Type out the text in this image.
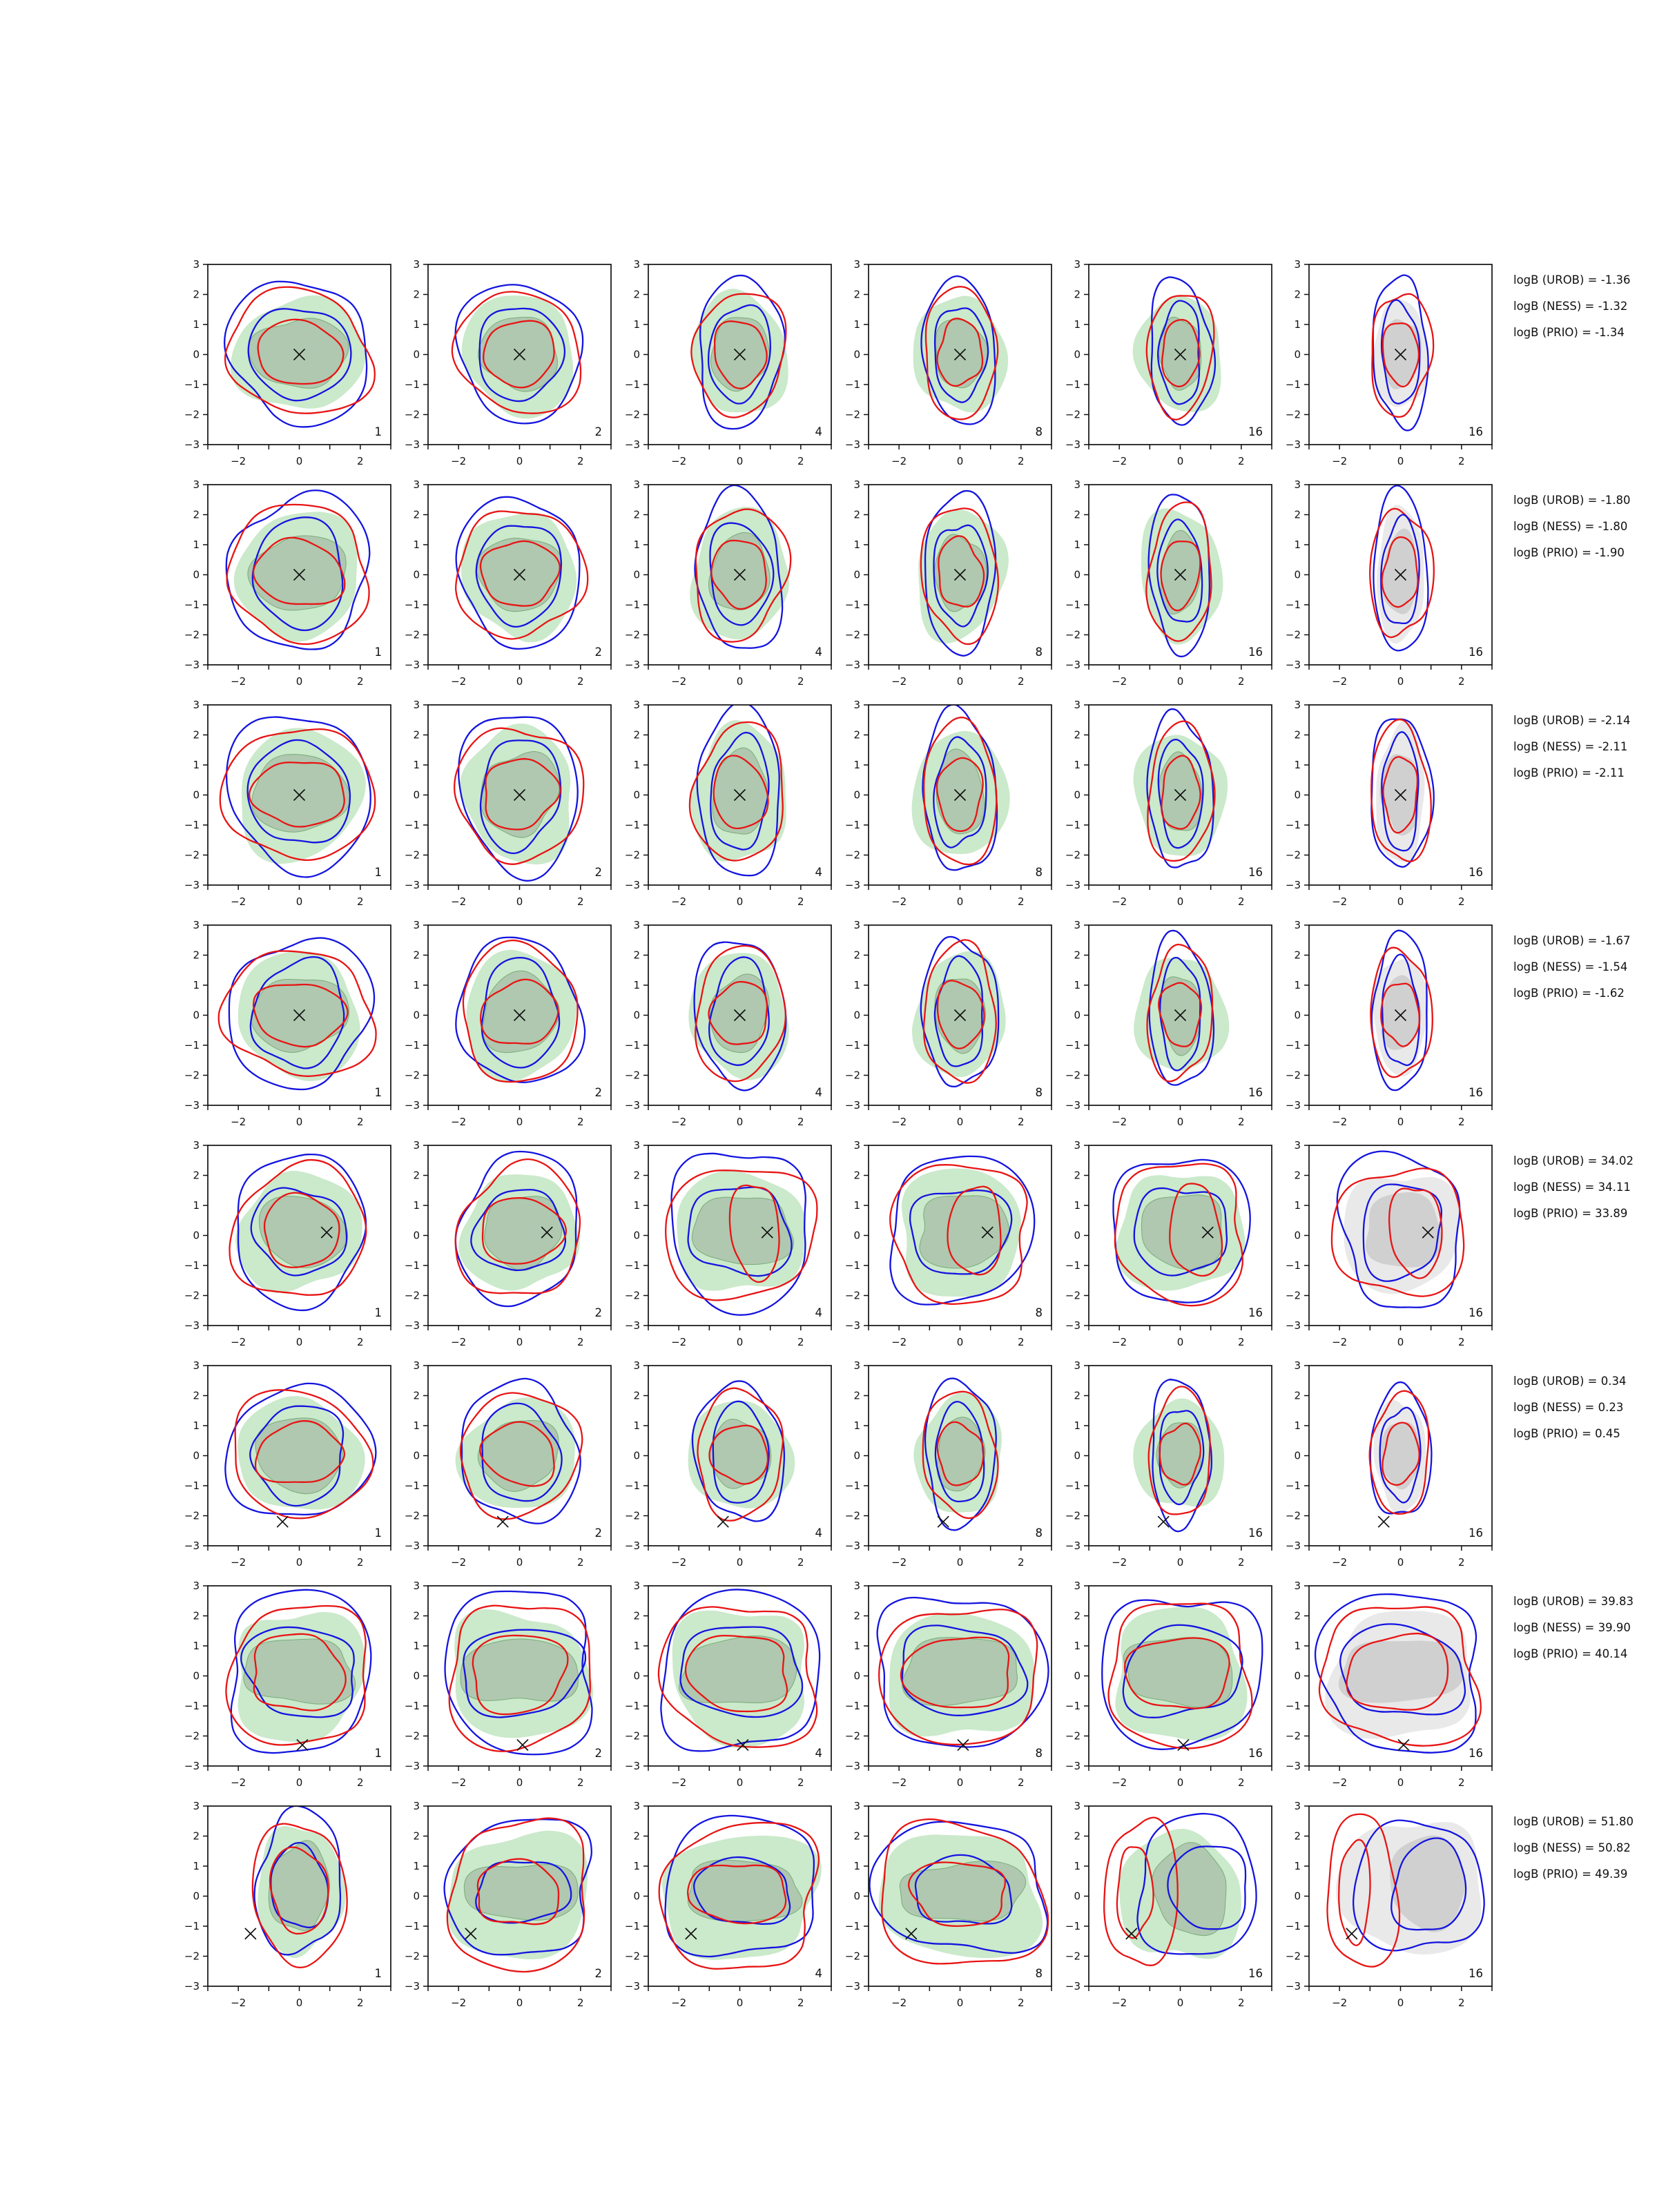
−2	0	2
3
2
1
0
−1
−2
−3
1
−2	0	2
3
2
1
0
−1
−2
−3
2
−2	0	2
3
2
1
0
−1
−2
−3
4
−2	0	2
3
2
1
0
−1
−2
−3
8
−2	0	2
3
2
1
0
−1
−2
−3
16
−2	0	2
3
2
1
0
−1
−2
−3
16
logB (UROB) = -1.36
logB (NESS) = -1.32
logB (PRIO) = -1.34
−2	0	2
3
2
1
0
−1
−2
−3
1
−2	0	2
3
2
1
0
−1
−2
−3
2
−2	0	2
3
2
1
0
−1
−2
−3
4
−2	0	2
3
2
1
0
−1
−2
−3
8
−2	0	2
3
2
1
0
−1
−2
−3
16
−2	0	2
3
2
1
0
−1
−2
−3
16
logB (UROB) = -1.80
logB (NESS) = -1.80
logB (PRIO) = -1.90
−2	0	2
3
2
1
0
−1
−2
−3
1
−2	0	2
3
2
1
0
−1
−2
−3
2
−2	0	2
3
2
1
0
−1
−2
−3
4
−2	0	2
3
2
1
0
−1
−2
−3
8
−2	0	2
3
2
1
0
−1
−2
−3
16
−2	0	2
3
2
1
0
−1
−2
−3
16
logB (UROB) = -2.14
logB (NESS) = -2.11
logB (PRIO) = -2.11
−2	0	2
3
2
1
0
−1
−2
−3
1
−2	0	2
3
2
1
0
−1
−2
−3
2
−2	0	2
3
2
1
0
−1
−2
−3
4
−2	0	2
3
2
1
0
−1
−2
−3
8
−2	0	2
3
2
1
0
−1
−2
−3
16
−2	0	2
3
2
1
0
−1
−2
−3
16
logB (UROB) = -1.67
logB (NESS) = -1.54
logB (PRIO) = -1.62
−2	0	2
3
2
1
0
−1
−2
−3
1
−2	0	2
3
2
1
0
−1
−2
−3
2
−2	0	2
3
2
1
0
−1
−2
−3
4
−2	0	2
3
2
1
0
−1
−2
−3
8
−2	0	2
3
2
1
0
−1
−2
−3
16
−2	0	2
3
2
1
0
−1
−2
−3
16
logB (UROB) = 34.02
logB (NESS) = 34.11
logB (PRIO) = 33.89
−2	0	2
3
2
1
0
−1
−2
−3
1
−2	0	2
3
2
1
0
−1
−2
−3
2
−2	0	2
3
2
1
0
−1
−2
−3
4
−2	0	2
3
2
1
0
−1
−2
−3
8
−2	0	2
3
2
1
0
−1
−2
−3
16
−2	0	2
3
2
1
0
−1
−2
−3
16
logB (UROB) = 0.34
logB (NESS) = 0.23
logB (PRIO) = 0.45
−2	0	2
3
2
1
0
−1
−2
−3
1
−2	0	2
3
2
1
0
−1
−2
−3
2
−2	0	2
3
2
1
0
−1
−2
−3
4
−2	0	2
3
2
1
0
−1
−2
−3
8
−2	0	2
3
2
1
0
−1
−2
−3
16
−2	0	2
3
2
1
0
−1
−2
−3
16
logB (UROB) = 39.83
logB (NESS) = 39.90
logB (PRIO) = 40.14
−2	0	2
3
2
1
0
−1
−2
−3
1
−2	0	2
3
2
1
0
−1
−2
−3
2
−2	0	2
3
2
1
0
−1
−2
−3
4
−2	0	2
3
2
1
0
−1
−2
−3
8
−2	0	2
3
2
1
0
−1
−2
−3
16
−2	0	2
3
2
1
0
−1
−2
−3
16
logB (UROB) = 51.80
logB (NESS) = 50.82
logB (PRIO) = 49.39
